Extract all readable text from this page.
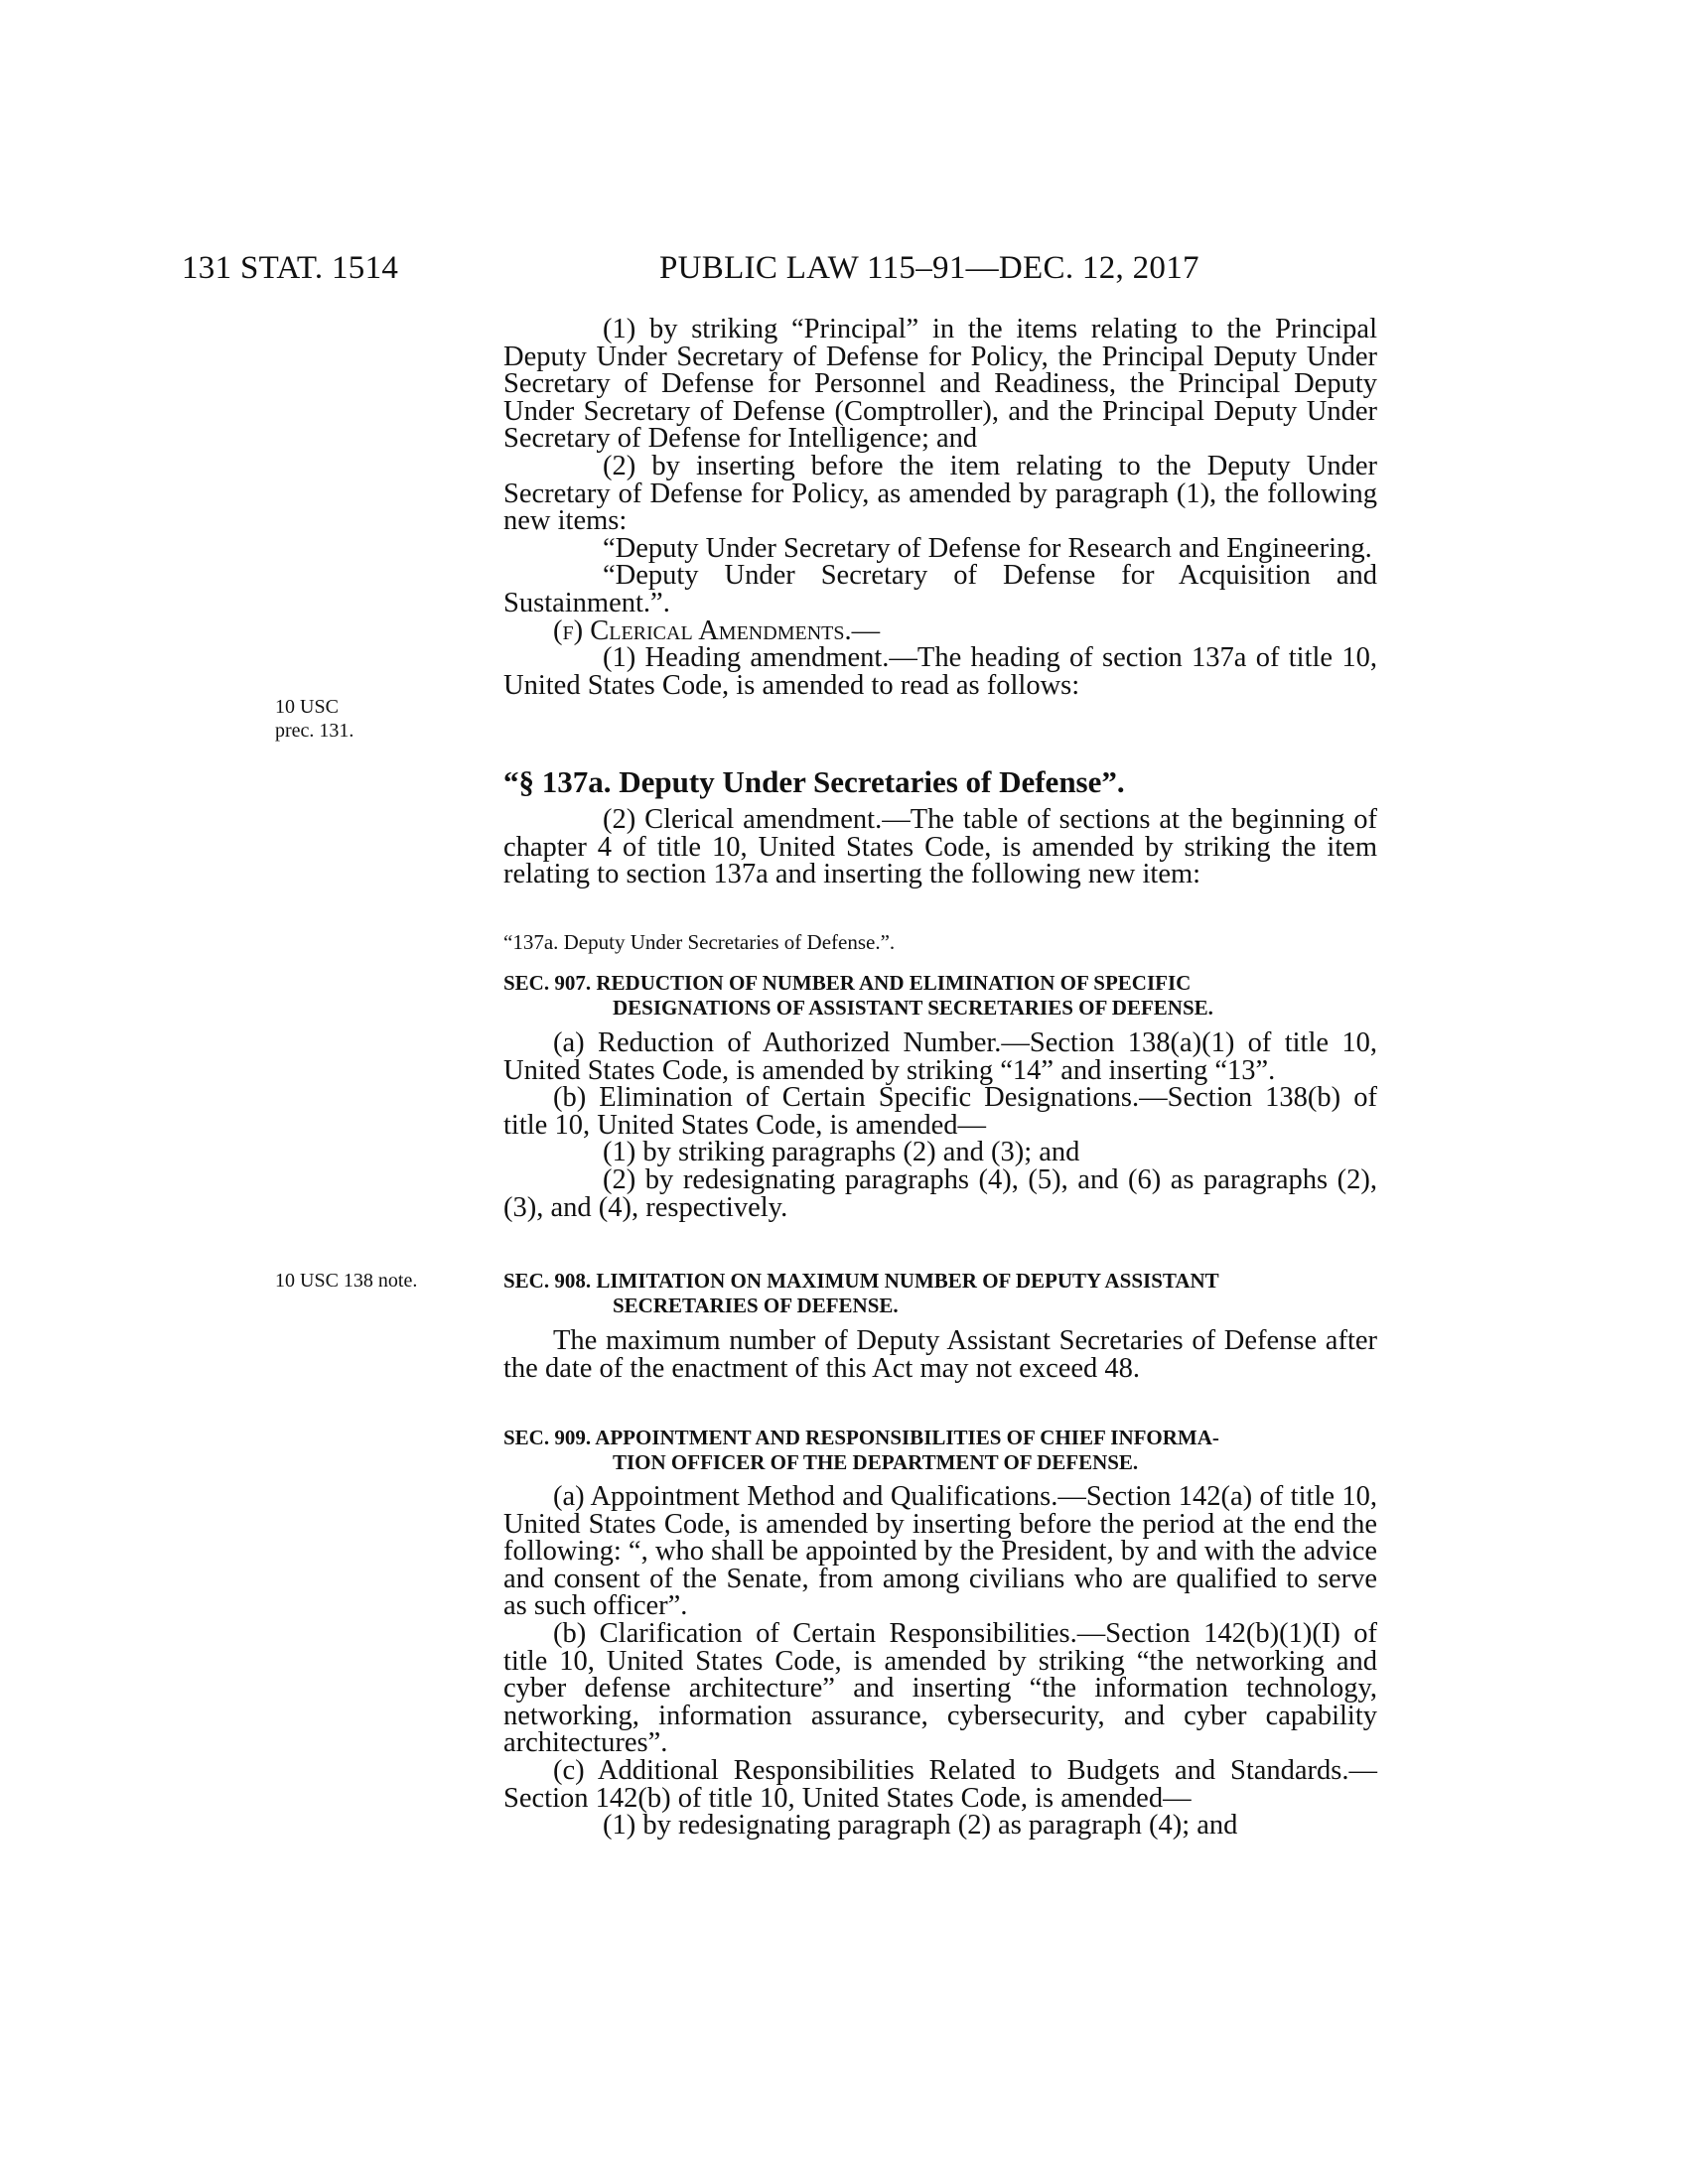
131 STAT. 1514	PUBLIC LAW 115–91—DEC. 12, 2017
10 USC
prec. 131.
10 USC 138 note.

(1) by striking “Principal” in the items relating to the Principal Deputy Under Secretary of Defense for Policy, the Principal Deputy Under Secretary of Defense for Personnel and Readiness, the Principal Deputy Under Secretary of Defense (Comptroller), and the Principal Deputy Under Secretary of Defense for Intelligence; and

(2) by inserting before the item relating to the Deputy Under Secretary of Defense for Policy, as amended by paragraph (1), the following new items:

“Deputy Under Secretary of Defense for Research and Engineering.

“Deputy Under Secretary of Defense for Acquisition and Sustainment.”.

(f) Clerical Amendments.—

(1) Heading amendment.—The heading of section 137a of title 10, United States Code, is amended to read as follows:

“§ 137a. Deputy Under Secretaries of Defense”.

(2) Clerical amendment.—The table of sections at the beginning of chapter 4 of title 10, United States Code, is amended by striking the item relating to section 137a and inserting the following new item:

“137a. Deputy Under Secretaries of Defense.”.
SEC. 907. REDUCTION OF NUMBER AND ELIMINATION OF SPECIFIC
DESIGNATIONS OF ASSISTANT SECRETARIES OF DEFENSE.

(a) Reduction of Authorized Number.—Section 138(a)(1) of title 10, United States Code, is amended by striking “14” and inserting “13”.

(b) Elimination of Certain Specific Designations.—Section 138(b) of title 10, United States Code, is amended—

(1) by striking paragraphs (2) and (3); and

(2) by redesignating paragraphs (4), (5), and (6) as paragraphs (2), (3), and (4), respectively.

SEC. 908. LIMITATION ON MAXIMUM NUMBER OF DEPUTY ASSISTANT
SECRETARIES OF DEFENSE.

The maximum number of Deputy Assistant Secretaries of Defense after the date of the enactment of this Act may not exceed 48.

SEC. 909. APPOINTMENT AND RESPONSIBILITIES OF CHIEF INFORMA-
TION OFFICER OF THE DEPARTMENT OF DEFENSE.

(a) Appointment Method and Qualifications.—Section 142(a) of title 10, United States Code, is amended by inserting before the period at the end the following: “, who shall be appointed by the President, by and with the advice and consent of the Senate, from among civilians who are qualified to serve as such officer”.

(b) Clarification of Certain Responsibilities.—Section 142(b)(1)(I) of title 10, United States Code, is amended by striking “the networking and cyber defense architecture” and inserting “the information technology, networking, information assurance, cybersecurity, and cyber capability architectures”.

(c) Additional Responsibilities Related to Budgets and Standards.—Section 142(b) of title 10, United States Code, is amended—

(1) by redesignating paragraph (2) as paragraph (4); and
